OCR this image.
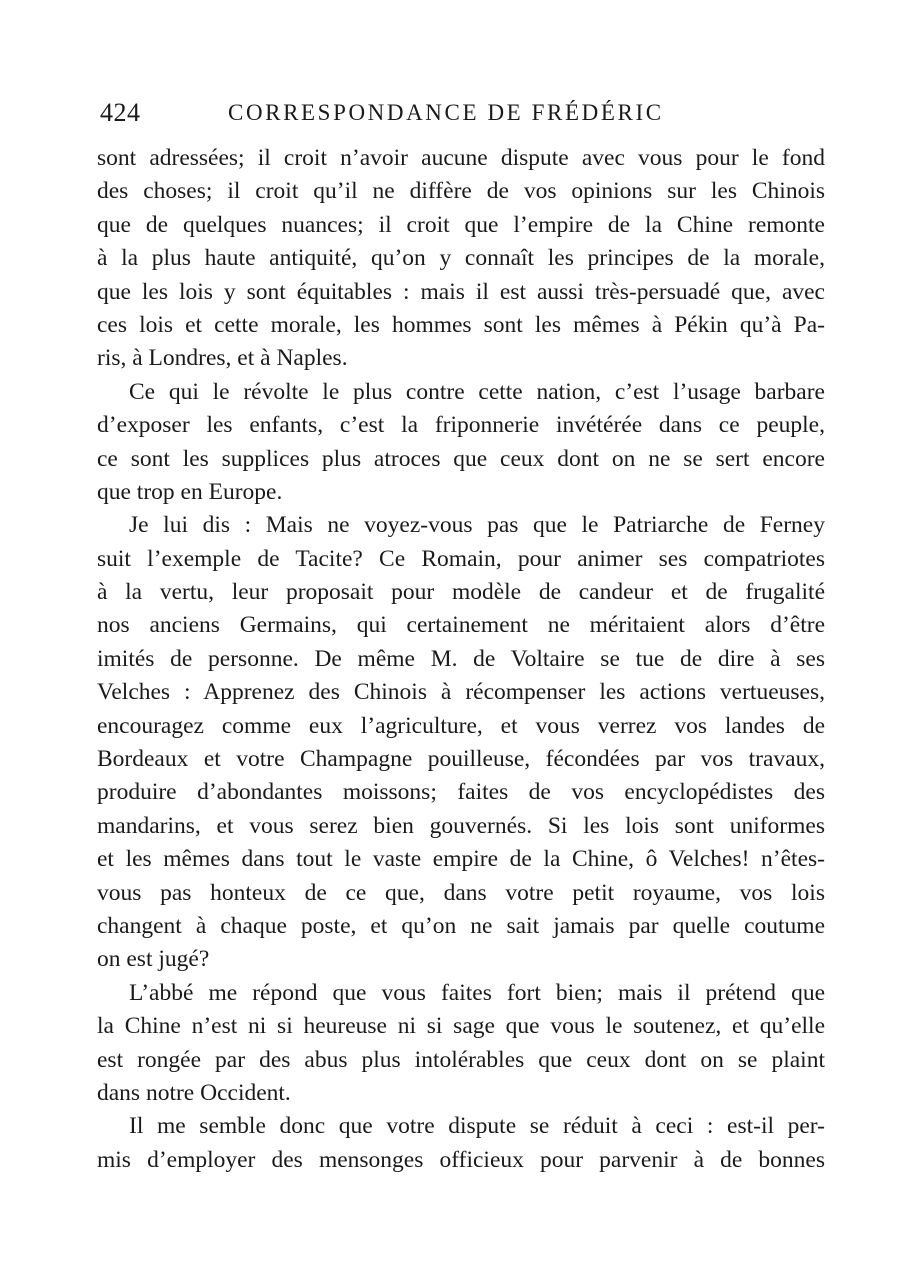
424	CORRESPONDANCE DE FRÉDÉRIC
sont adressées; il croit n’avoir aucune dispute avec vous pour le fond
des choses; il croit qu’il ne diffère de vos opinions sur les Chinois
que de quelques nuances; il croit que l’empire de la Chine remonte
à la plus haute antiquité, qu’on y connaît les principes de la morale,
que les lois y sont équitables : mais il est aussi très-persuadé que, avec
ces lois et cette morale, les hommes sont les mêmes à Pékin qu’à Pa-
ris, à Londres, et à Naples.
Ce qui le révolte le plus contre cette nation, c’est l’usage barbare
d’exposer les enfants, c’est la friponnerie invétérée dans ce peuple,
ce sont les supplices plus atroces que ceux dont on ne se sert encore
que trop en Europe.
Je lui dis : Mais ne voyez-vous pas que le Patriarche de Ferney
suit l’exemple de Tacite? Ce Romain, pour animer ses compatriotes
à la vertu, leur proposait pour modèle de candeur et de frugalité
nos anciens Germains, qui certainement ne méritaient alors d’être
imités de personne. De même M. de Voltaire se tue de dire à ses
Velches : Apprenez des Chinois à récompenser les actions vertueuses,
encouragez comme eux l’agriculture, et vous verrez vos landes de
Bordeaux et votre Champagne pouilleuse, fécondées par vos travaux,
produire d’abondantes moissons; faites de vos encyclopédistes des
mandarins, et vous serez bien gouvernés. Si les lois sont uniformes
et les mêmes dans tout le vaste empire de la Chine, ô Velches! n’êtes-
vous pas honteux de ce que, dans votre petit royaume, vos lois
changent à chaque poste, et qu’on ne sait jamais par quelle coutume
on est jugé?
L’abbé me répond que vous faites fort bien; mais il prétend que
la Chine n’est ni si heureuse ni si sage que vous le soutenez, et qu’elle
est rongée par des abus plus intolérables que ceux dont on se plaint
dans notre Occident.
Il me semble donc que votre dispute se réduit à ceci : est-il per-
mis d’employer des mensonges officieux pour parvenir à de bonnes
